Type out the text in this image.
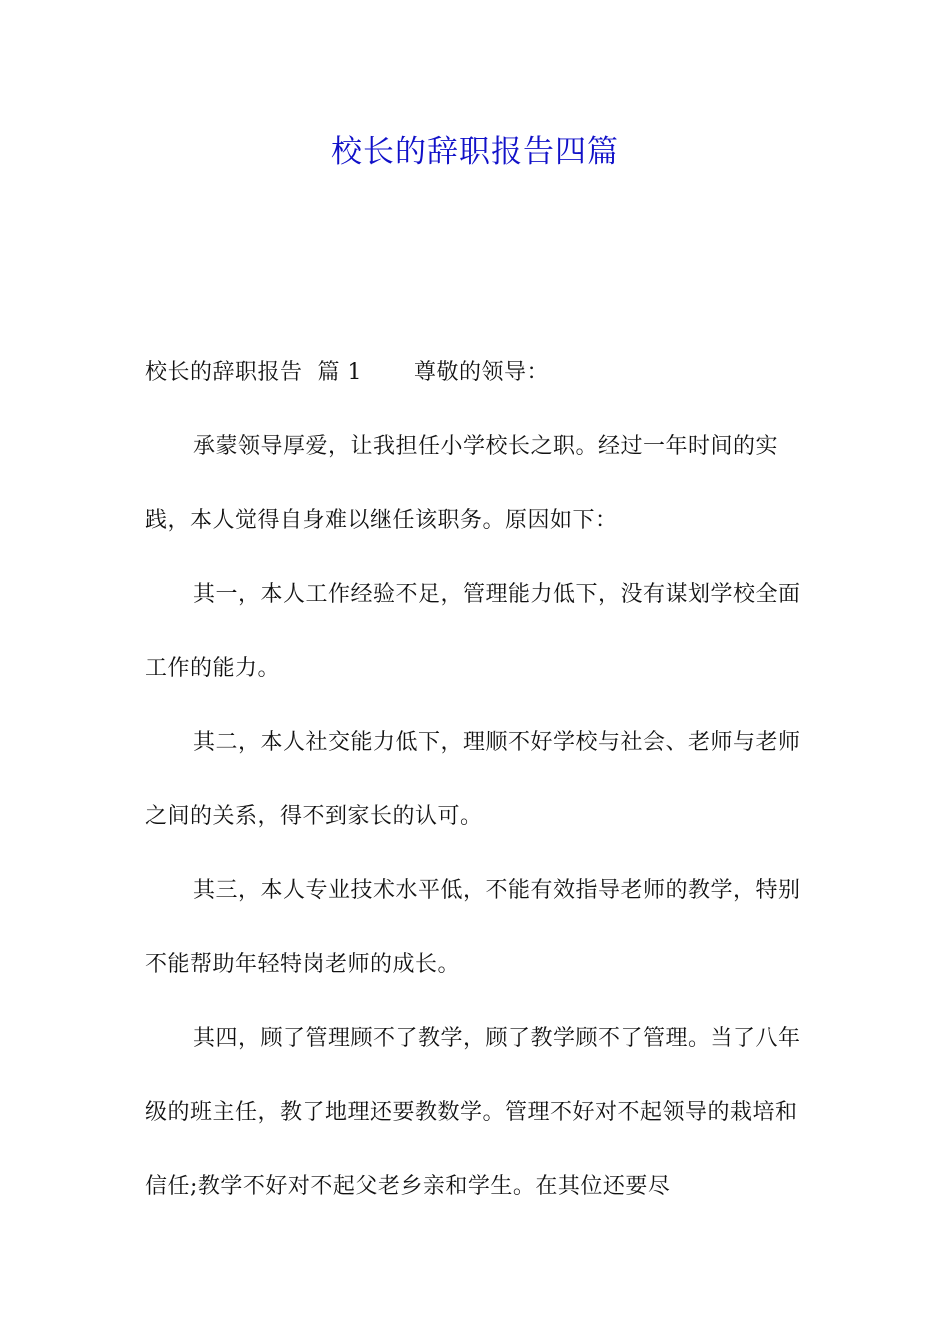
校长的辞职报告四篇

校长的辞职报告  篇 1 尊敬的领导：

承蒙领导厚爱，让我担任小学校长之职。经过一年时间的实践，本人觉得自身难以继任该职务。原因如下：

其一，本人工作经验不足，管理能力低下，没有谋划学校全面工作的能力。

其二，本人社交能力低下，理顺不好学校与社会、老师与老师之间的关系，得不到家长的认可。

其三，本人专业技术水平低，不能有效指导老师的教学，特别不能帮助年轻特岗老师的成长。

其四，顾了管理顾不了教学，顾了教学顾不了管理。当了八年级的班主任，教了地理还要教数学。管理不好对不起领导的栽培和信任;教学不好对不起父老乡亲和学生。在其位还要尽
